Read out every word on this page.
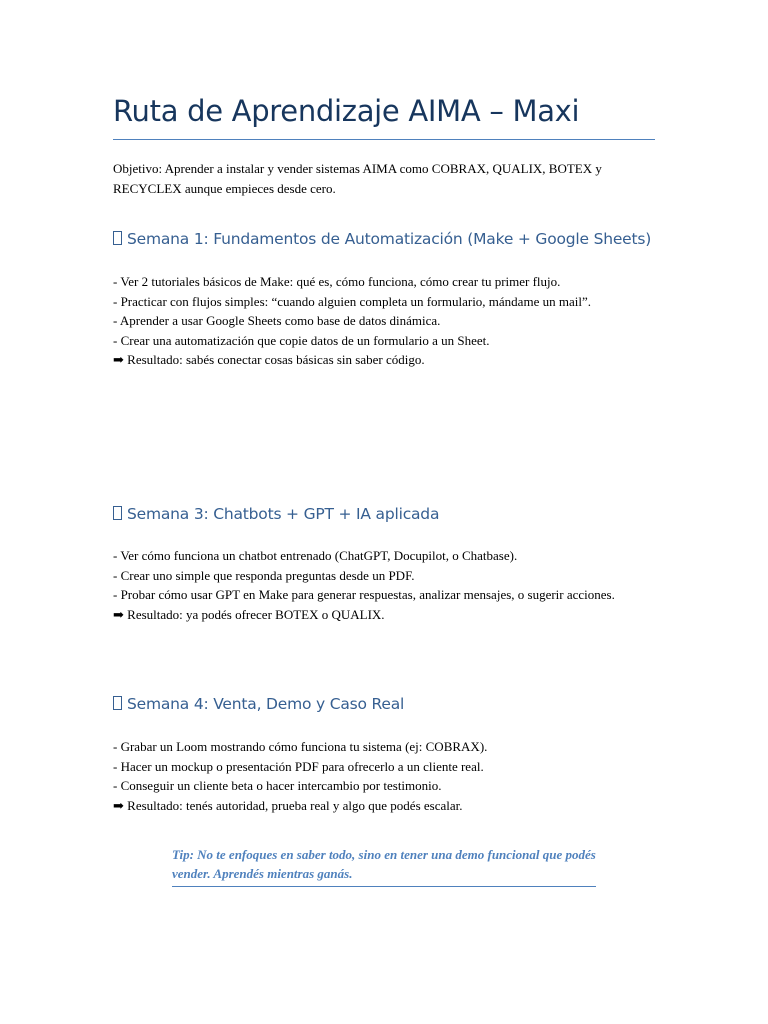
Ruta de Aprendizaje AIMA – Maxi
Objetivo: Aprender a instalar y vender sistemas AIMA como COBRAX, QUALIX, BOTEX y
RECYCLEX aunque empieces desde cero.
Semana 1: Fundamentos de Automatización (Make + Google Sheets)
- Ver 2 tutoriales básicos de Make: qué es, cómo funciona, cómo crear tu primer flujo.
- Practicar con flujos simples: “cuando alguien completa un formulario, mándame un mail”.
- Aprender a usar Google Sheets como base de datos dinámica.
- Crear una automatización que copie datos de un formulario a un Sheet.
➡ Resultado: sabés conectar cosas básicas sin saber código.
Semana 3: Chatbots + GPT + IA aplicada
- Ver cómo funciona un chatbot entrenado (ChatGPT, Docupilot, o Chatbase).
- Crear uno simple que responda preguntas desde un PDF.
- Probar cómo usar GPT en Make para generar respuestas, analizar mensajes, o sugerir acciones.
➡ Resultado: ya podés ofrecer BOTEX o QUALIX.
Semana 4: Venta, Demo y Caso Real
- Grabar un Loom mostrando cómo funciona tu sistema (ej: COBRAX).
- Hacer un mockup o presentación PDF para ofrecerlo a un cliente real.
- Conseguir un cliente beta o hacer intercambio por testimonio.
➡ Resultado: tenés autoridad, prueba real y algo que podés escalar.
Tip: No te enfoques en saber todo, sino en tener una demo funcional que podés vender. Aprendés mientras ganás.
